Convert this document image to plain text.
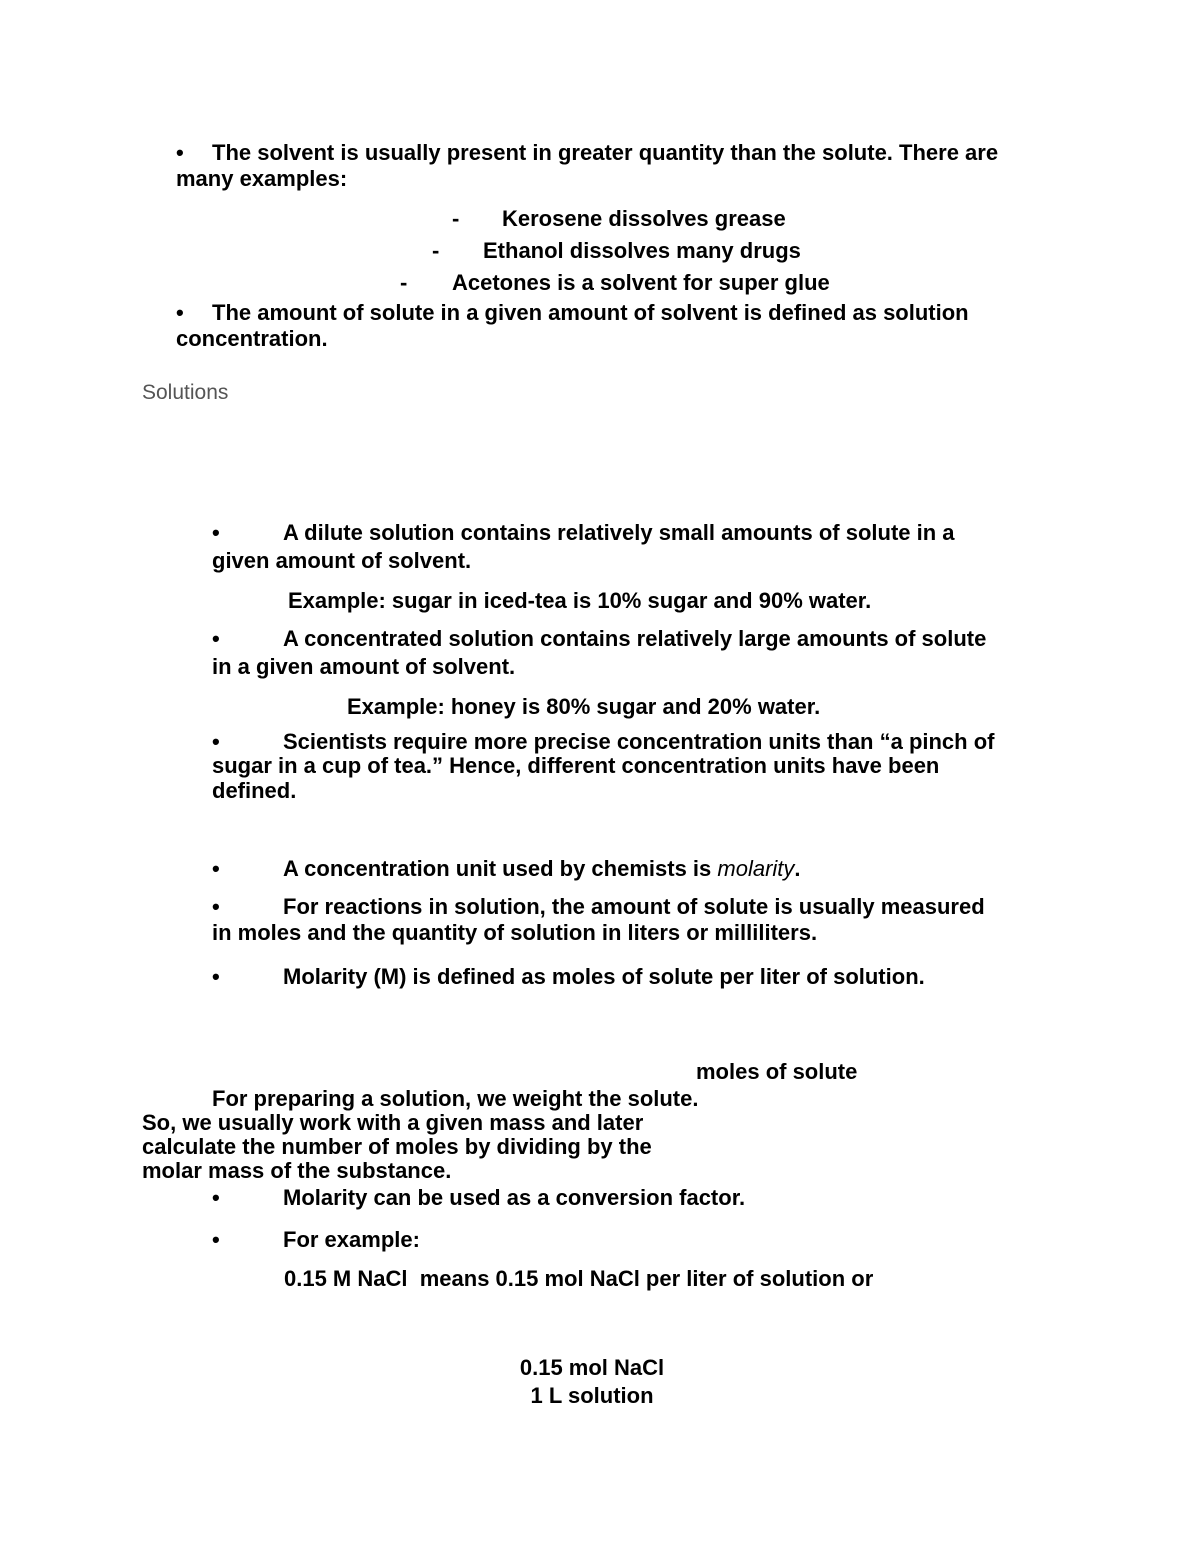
• The solvent is usually present in greater quantity than the solute. There are
many examples:
- Kerosene dissolves grease
- Ethanol dissolves many drugs
- Acetones is a solvent for super glue
• The amount of solute in a given amount of solvent is defined as solution
concentration.
Solutions
•	A dilute solution contains relatively small amounts of solute in a
given amount of solvent.
Example: sugar in iced-tea is 10% sugar and 90% water.
•	A concentrated solution contains relatively large amounts of solute
in a given amount of solvent.
Example: honey is 80% sugar and 20% water.
•	Scientists require more precise concentration units than “a pinch of
sugar in a cup of tea.” Hence, different concentration units have been
defined.
•	A concentration unit used by chemists is molarity.
•	For reactions in solution, the amount of solute is usually measured
in moles and the quantity of solution in liters or milliliters.
•	Molarity (M) is defined as moles of solute per liter of solution.
moles of solute
For preparing a solution, we weight the solute.
So, we usually work with a given mass and later
calculate the number of moles by dividing by the
molar mass of the substance.
•	Molarity can be used as a conversion factor.
•	For example:
0.15 M NaCl  means 0.15 mol NaCl per liter of solution or
0.15 mol NaCl
1 L solution
